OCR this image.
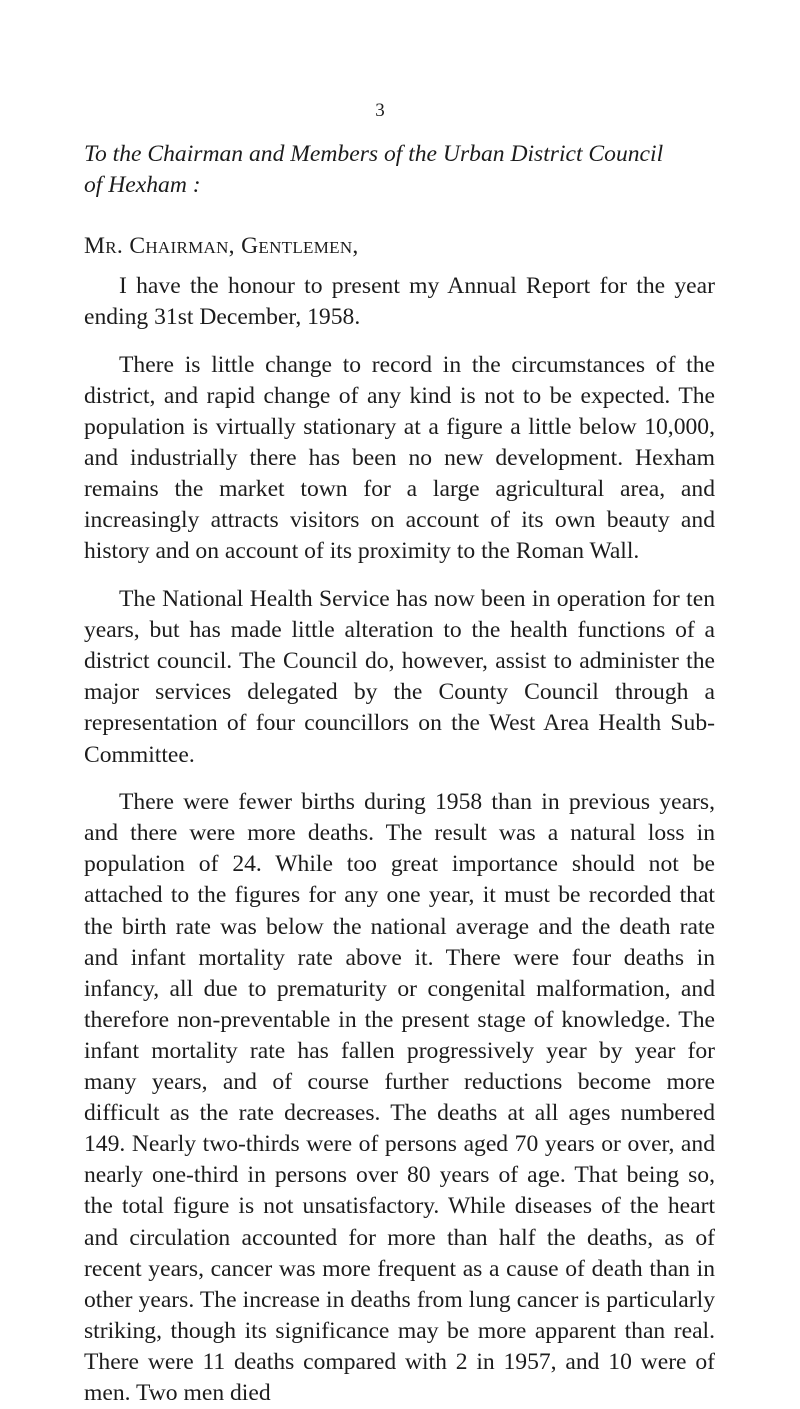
3
To the Chairman and Members of the Urban District Council
of Hexham :
Mr. Chairman, Gentlemen,

I have the honour to present my Annual Report for the year ending 31st December, 1958.

There is little change to record in the circumstances of the district, and rapid change of any kind is not to be expected. The population is virtually stationary at a figure a little below 10,000, and industrially there has been no new development. Hexham remains the market town for a large agricultural area, and increasingly attracts visitors on account of its own beauty and history and on account of its proximity to the Roman Wall.

The National Health Service has now been in operation for ten years, but has made little alteration to the health functions of a district council. The Council do, however, assist to administer the major services delegated by the County Council through a representation of four councillors on the West Area Health Sub-Committee.

There were fewer births during 1958 than in previous years, and there were more deaths. The result was a natural loss in population of 24. While too great importance should not be attached to the figures for any one year, it must be recorded that the birth rate was below the national average and the death rate and infant mortality rate above it. There were four deaths in infancy, all due to prematurity or congenital malformation, and therefore non-preventable in the present stage of knowledge. The infant mortality rate has fallen progressively year by year for many years, and of course further reductions become more difficult as the rate decreases. The deaths at all ages numbered 149. Nearly two-thirds were of persons aged 70 years or over, and nearly one-third in persons over 80 years of age. That being so, the total figure is not unsatisfactory. While diseases of the heart and circulation accounted for more than half the deaths, as of recent years, cancer was more frequent as a cause of death than in other years. The increase in deaths from lung cancer is particularly striking, though its significance may be more apparent than real. There were 11 deaths compared with 2 in 1957, and 10 were of men. Two men died
